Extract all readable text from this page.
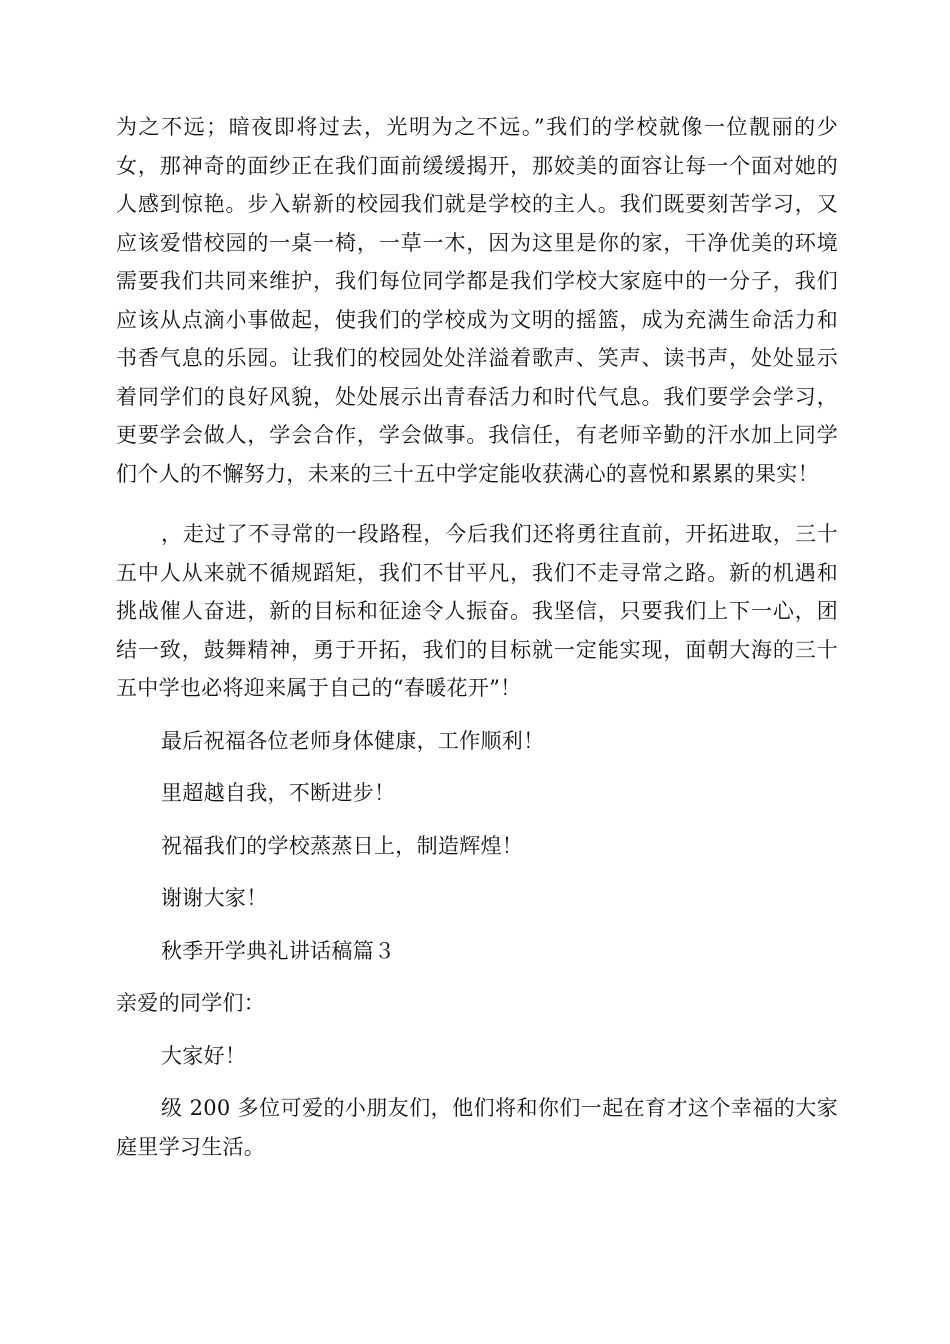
为之不远；暗夜即将过去，光明为之不远。”我们的学校就像一位靓丽的少女，那神奇的面纱正在我们面前缓缓揭开，那姣美的面容让每一个面对她的人感到惊艳。步入崭新的校园我们就是学校的主人。我们既要刻苦学习，又应该爱惜校园的一桌一椅，一草一木，因为这里是你的家，干净优美的环境需要我们共同来维护，我们每位同学都是我们学校大家庭中的一分子，我们应该从点滴小事做起，使我们的学校成为文明的摇篮，成为充满生命活力和书香气息的乐园。让我们的校园处处洋溢着歌声、笑声、读书声，处处显示着同学们的良好风貌，处处展示出青春活力和时代气息。我们要学会学习，更要学会做人，学会合作，学会做事。我信任，有老师辛勤的汗水加上同学们个人的不懈努力，未来的三十五中学定能收获满心的喜悦和累累的果实！

，走过了不寻常的一段路程，今后我们还将勇往直前，开拓进取，三十五中人从来就不循规蹈矩，我们不甘平凡，我们不走寻常之路。新的机遇和挑战催人奋进，新的目标和征途令人振奋。我坚信，只要我们上下一心，团结一致，鼓舞精神，勇于开拓，我们的目标就一定能实现，面朝大海的三十五中学也必将迎来属于自己的“春暖花开”！

最后祝福各位老师身体健康，工作顺利！

里超越自我，不断进步！

祝福我们的学校蒸蒸日上，制造辉煌！

谢谢大家！

秋季开学典礼讲话稿篇３

亲爱的同学们：

大家好！

级 200 多位可爱的小朋友们，他们将和你们一起在育才这个幸福的大家庭里学习生活。
